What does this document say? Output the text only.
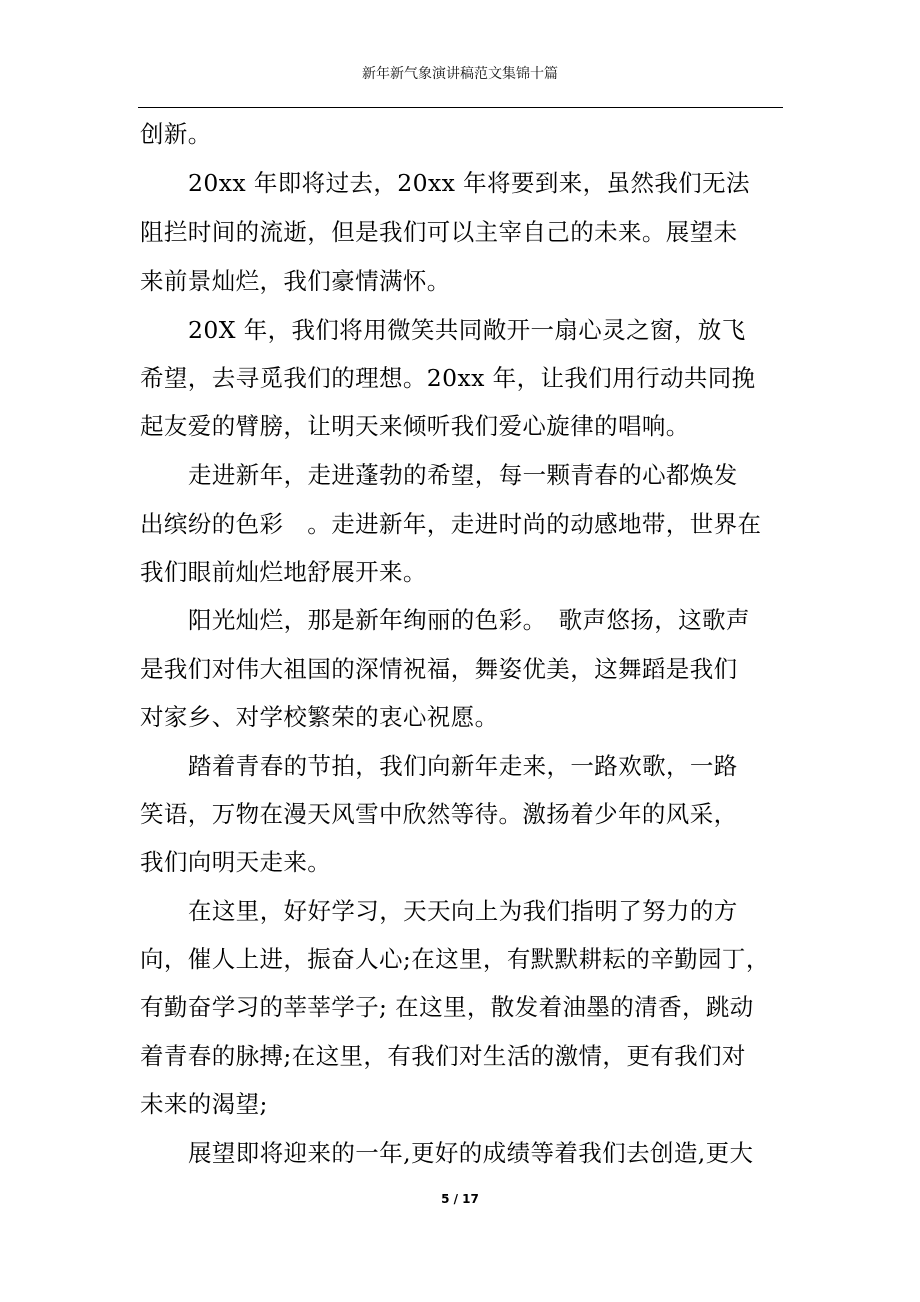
新年新气象演讲稿范文集锦十篇
创新。
20xx 年即将过去，20xx 年将要到来，虽然我们无法
阻拦时间的流逝，但是我们可以主宰自己的未来。展望未
来前景灿烂，我们豪情满怀。
20X 年，我们将用微笑共同敞开一扇心灵之窗，放飞
希望，去寻觅我们的理想。20xx 年，让我们用行动共同挽
起友爱的臂膀，让明天来倾听我们爱心旋律的唱响。
走进新年，走进蓬勃的希望，每一颗青春的心都焕发
出缤纷的色彩　。走进新年，走进时尚的动感地带，世界在
我们眼前灿烂地舒展开来。
阳光灿烂，那是新年绚丽的色彩。　歌声悠扬，这歌声
是我们对伟大祖国的深情祝福，舞姿优美，这舞蹈是我们
对家乡、对学校繁荣的衷心祝愿。
踏着青春的节拍，我们向新年走来，一路欢歌，一路
笑语，万物在漫天风雪中欣然等待。激扬着少年的风采，
我们向明天走来。
在这里，好好学习，天天向上为我们指明了努力的方
向，催人上进，振奋人心;在这里，有默默耕耘的辛勤园丁，
有勤奋学习的莘莘学子; 在这里，散发着油墨的清香，跳动
着青春的脉搏;在这里，有我们对生活的激情，更有我们对
未来的渴望;
展望即将迎来的一年,更好的成绩等着我们去创造,更大
5 / 17
